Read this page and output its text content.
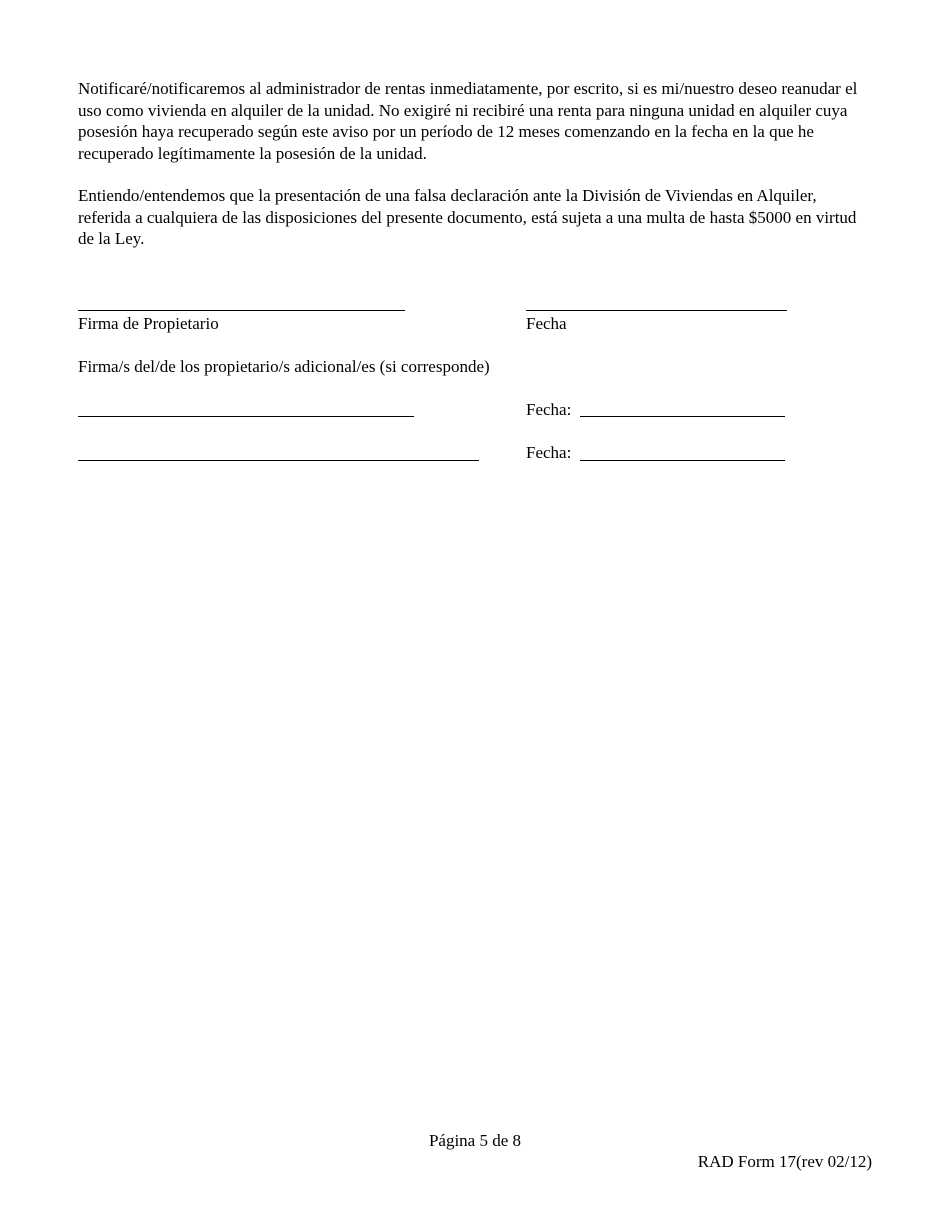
Notificaré/notificaremos al administrador de rentas inmediatamente, por escrito, si es mi/nuestro deseo reanudar el uso como vivienda en alquiler de la unidad. No exigiré ni recibiré una renta para ninguna unidad en alquiler cuya posesión haya recuperado según este aviso por un período de 12 meses comenzando en la fecha en la que he recuperado legítimamente la posesión de la unidad.

Entiendo/entendemos que la presentación de una falsa declaración ante la División de Viviendas en Alquiler, referida a cualquiera de las disposiciones del presente documento, está sujeta a una multa de hasta $5000 en virtud de la Ley.

Firma de Propietario	Fecha
Firma/s del/de los propietario/s adicional/es (si corresponde)
Fecha:
Fecha:
Página 5 de 8
RAD Form 17(rev 02/12)
